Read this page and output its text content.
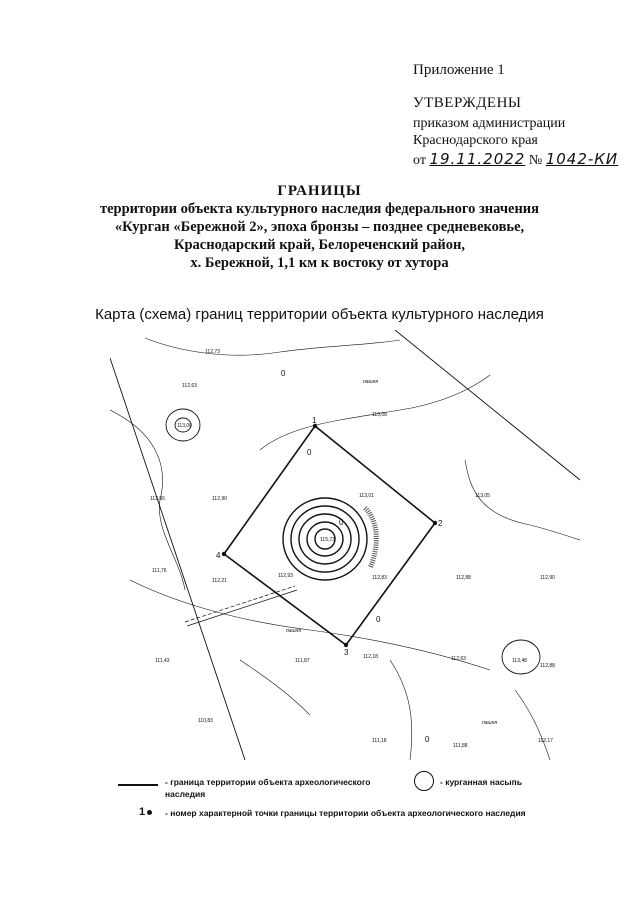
Приложение 1
УТВЕРЖДЕНЫ
приказом администрации
Краснодарского края
от 19.11.2022 № 1042-КИ
ГРАНИЦЫ
территории объекта культурного наследия федерального значения
«Курган «Бережной 2», эпоха бронзы – позднее средневековье,
Краснодарский край, Белореченский район,
х. Бережной, 1,1 км к востоку от хутора
Карта (схема) границ территории объекта культурного наследия
1
2
3
4
пашня
пашня
пашня
112,73
112,63
113,00
113,08
112,06	112,90	113,01	113,05
111,76
112,21
112,93	112,83	112,88	112,90
111,43	111,87
112,18	112,63	113,48
112,88
110,83
111,18
111,88
112,17
115,73
0
0
0
0
0
- граница территории объекта археологического
наследия
- курганная насыпь
1	- номер характерной точки границы территории объекта археологического наследия
